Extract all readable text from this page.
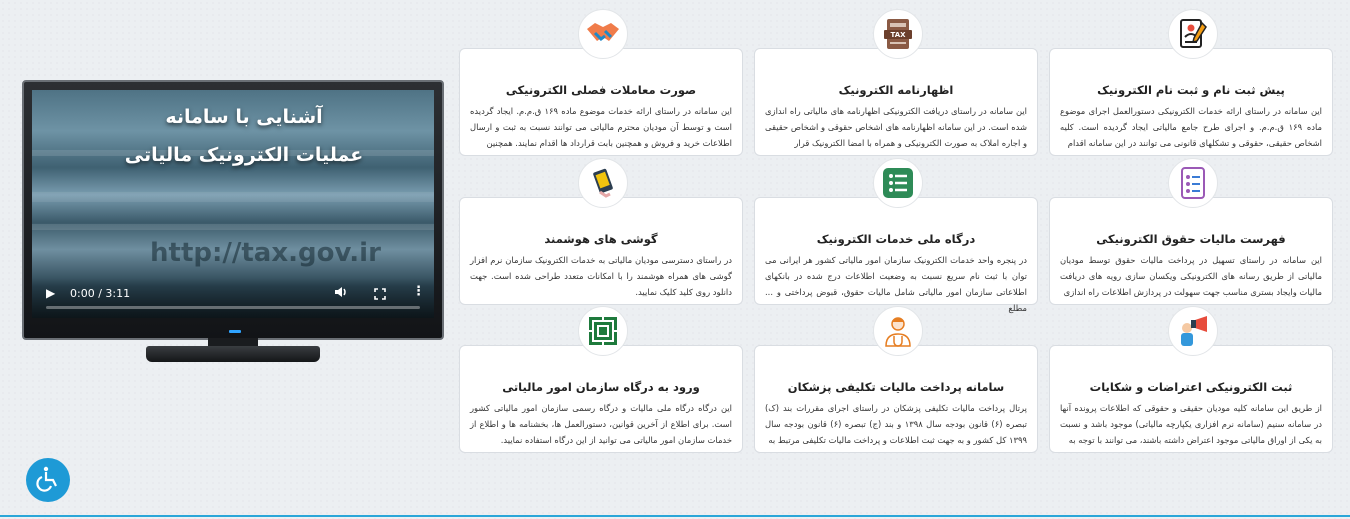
آشنایی با سامانه
عملیات الکترونیک مالیاتی
http://tax.gov.ir
▶ 0:00 / 3:11	⋮
پیش ثبت نام و ثبت نام الکترونیک
این سامانه در راستای ارائه خدمات الکترونیکی دستورالعمل اجرای موضوع ماده ۱۶۹ ق.م.م. و اجرای طرح جامع مالیاتی ایجاد گردیده است. کلیه اشخاص حقیقی، حقوقی و تشکلهای قانونی می توانند در این سامانه اقدام
TAX
اظهارنامه الکترونیک
این سامانه در راستای دریافت الکترونیکی اظهارنامه های مالیاتی راه اندازی شده است. در این سامانه اظهارنامه های اشخاص حقوقی و اشخاص حقیقی و اجاره املاک به صورت الکترونیکی و همراه با امضا الکترونیک قرار
صورت معاملات فصلی الکترونیکی
این سامانه در راستای ارائه خدمات موضوع ماده ۱۶۹ ق.م.م. ایجاد گردیده است و توسط آن مودیان محترم مالیاتی می توانند نسبت به ثبت و ارسال اطلاعات خرید و فروش و همچنین بابت قرارداد ها اقدام نمایند. همچنین
فهرست مالیات حقوق الکترونیکی
این سامانه در راستای تسهیل در پرداخت مالیات حقوق توسط مودیان مالیاتی از طریق رسانه های الکترونیکی ویکسان سازی رویه های دریافت مالیات وایجاد بستری مناسب جهت سهولت در پردازش اطلاعات راه اندازی
درگاه ملی خدمات الکترونیک
در پنجره واحد خدمات الکترونیک سازمان امور مالیاتی کشور هر ایرانی می توان با ثبت نام سریع نسبت به وضعیت اطلاعات درج شده در بانکهای اطلاعاتی سازمان امور مالیاتی شامل مالیات حقوق، قبوض پرداختی و ... مطلع
گوشی های هوشمند
در راستای دسترسی مودیان مالیاتی به خدمات الکترونیک سازمان نرم افزار گوشی های همراه هوشمند را با امکانات متعدد طراحی شده است. جهت دانلود روی کلید کلیک نمایید.
ثبت الکترونیکی اعتراضات و شکایات
از طریق این سامانه کلیه مودیان حقیقی و حقوقی که اطلاعات پرونده آنها در سامانه سنیم (سامانه نرم افزاری یکپارچه مالیاتی) موجود باشد و نسبت به یکی از اوراق مالیاتی موجود اعتراض داشته باشند، می توانند با توجه به
سامانه پرداخت مالیات تکلیفی پزشکان
پرتال پرداخت مالیات تکلیفی پزشکان در راستای اجرای مقررات بند (ک) تبصره (۶) قانون بودجه سال ۱۳۹۸ و بند (ج) تبصره (۶) قانون بودجه سال ۱۳۹۹ کل کشور و به جهت ثبت اطلاعات و پرداخت مالیات تکلیفی مرتبط به
ورود به درگاه سازمان امور مالیاتی
این درگاه درگاه ملی مالیات و درگاه رسمی سازمان امور مالیاتی کشور است. برای اطلاع از آخرین قوانین، دستورالعمل ها، بخشنامه ها و اطلاع از خدمات سازمان امور مالیاتی می توانید از این درگاه استفاده نمایید.
